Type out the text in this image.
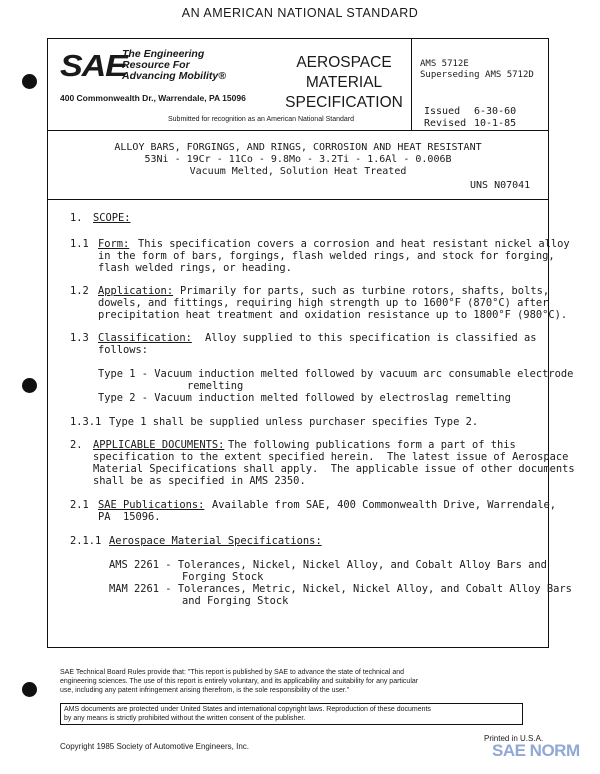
AN AMERICAN NATIONAL STANDARD
SAE
The Engineering
Resource For
Advancing Mobility®
400 Commonwealth Dr., Warrendale, PA 15096
Submitted for recognition as an American National Standard
AEROSPACE
MATERIAL
SPECIFICATION
AMS 5712E
Superseding AMS 5712D
Issued 6-30-60
Revised 10-1-85
ALLOY BARS, FORGINGS, AND RINGS, CORROSION AND HEAT RESISTANT
53Ni - 19Cr - 11Co - 9.8Mo - 3.2Ti - 1.6Al - 0.006B
Vacuum Melted, Solution Heat Treated
UNS N07041
1. SCOPE:
1.1 Form: This specification covers a corrosion and heat resistant nickel alloy
in the form of bars, forgings, flash welded rings, and stock for forging,
flash welded rings, or heading.
1.2 Application: Primarily for parts, such as turbine rotors, shafts, bolts,
dowels, and fittings, requiring high strength up to 1600°F (870°C) after
precipitation heat treatment and oxidation resistance up to 1800°F (980°C).
1.3 Classification: Alloy supplied to this specification is classified as
follows:
Type 1 - Vacuum induction melted followed by vacuum arc consumable electrode
remelting
Type 2 - Vacuum induction melted followed by electroslag remelting
1.3.1 Type 1 shall be supplied unless purchaser specifies Type 2.
2. APPLICABLE DOCUMENTS: The following publications form a part of this
specification to the extent specified herein.  The latest issue of Aerospace
Material Specifications shall apply.  The applicable issue of other documents
shall be as specified in AMS 2350.
2.1 SAE Publications: Available from SAE, 400 Commonwealth Drive, Warrendale,
PA  15096.
2.1.1 Aerospace Material Specifications:
AMS 2261 - Tolerances, Nickel, Nickel Alloy, and Cobalt Alloy Bars and
Forging Stock
MAM 2261 - Tolerances, Metric, Nickel, Nickel Alloy, and Cobalt Alloy Bars
and Forging Stock
SAE Technical Board Rules provide that: "This report is published by SAE to advance the state of technical and
engineering sciences. The use of this report is entirely voluntary, and its applicability and suitability for any particular
use, including any patent infringement arising therefrom, is the sole responsibility of the user."
AMS documents are protected under United States and international copyright laws. Reproduction of these documents
by any means is strictly prohibited without the written consent of the publisher.
Copyright 1985 Society of Automotive Engineers, Inc.
Printed in U.S.A.
SAE NORM
